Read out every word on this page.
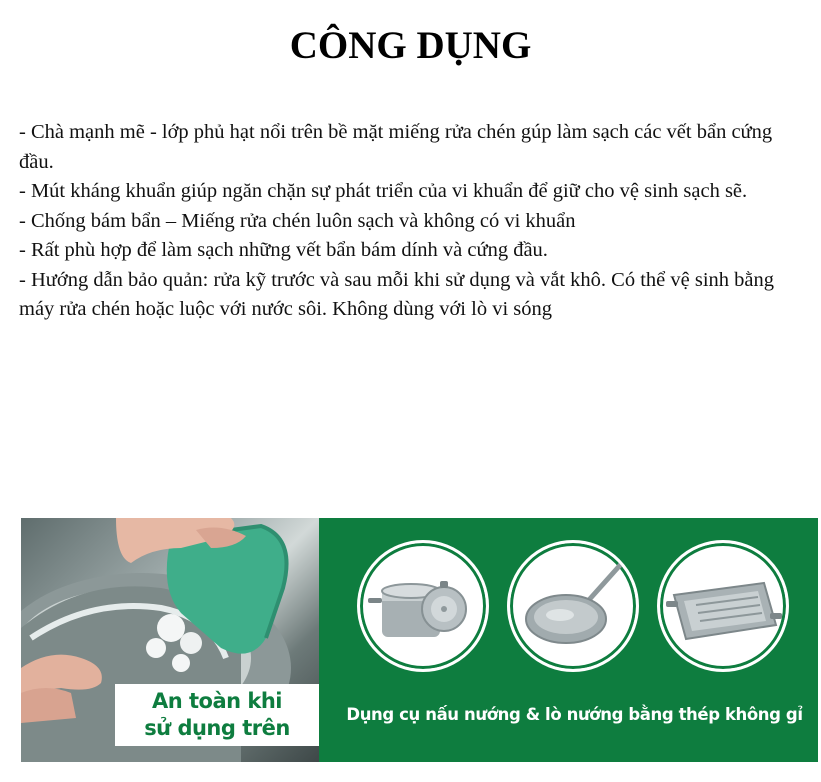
CÔNG DỤNG

- Chà mạnh mẽ - lớp phủ hạt nổi trên bề mặt miếng rửa chén gúp làm sạch các vết bẩn cứng đầu.

- Mút kháng khuẩn giúp ngăn chặn sự phát triển của vi khuẩn để giữ cho vệ sinh sạch sẽ.

- Chống bám bẩn – Miếng rửa chén luôn sạch và không có vi khuẩn

- Rất phù hợp để làm sạch những vết bẩn bám dính và cứng đầu.

- Hướng dẫn bảo quản: rửa kỹ trước và sau mỗi khi sử dụng và vắt khô. Có thể vệ sinh bằng máy rửa chén hoặc luộc với nước sôi. Không dùng với lò vi sóng

An toàn khi
sử dụng trên
Dụng cụ nấu nướng & lò nướng bằng thép không gỉ
